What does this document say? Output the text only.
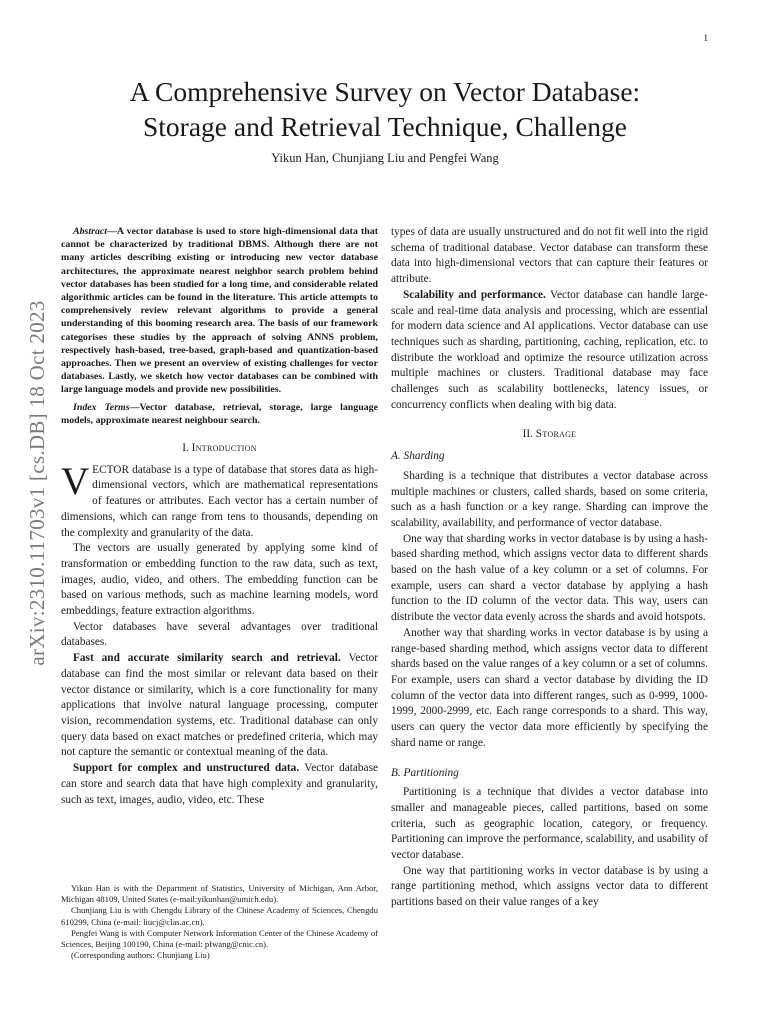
1
arXiv:2310.11703v1 [cs.DB] 18 Oct 2023
A Comprehensive Survey on Vector Database:
Storage and Retrieval Technique, Challenge
Yikun Han, Chunjiang Liu and Pengfei Wang

Abstract—A vector database is used to store high-dimensional data that cannot be characterized by traditional DBMS. Although there are not many articles describing existing or introducing new vector database architectures, the approximate nearest neighbor search problem behind vector databases has been studied for a long time, and considerable related algorithmic articles can be found in the literature. This article attempts to comprehensively review relevant algorithms to provide a general understanding of this booming research area. The basis of our framework categorises these studies by the approach of solving ANNS problem, respectively hash-based, tree-based, graph-based and quantization-based approaches. Then we present an overview of existing challenges for vector databases. Lastly, we sketch how vector databases can be combined with large language models and provide new possibilities.

Index Terms—Vector database, retrieval, storage, large language models, approximate nearest neighbour search.

I. Introduction

VECTOR database is a type of database that stores data as high-dimensional vectors, which are mathematical representations of features or attributes. Each vector has a certain number of dimensions, which can range from tens to thousands, depending on the complexity and granularity of the data.

The vectors are usually generated by applying some kind of transformation or embedding function to the raw data, such as text, images, audio, video, and others. The embedding function can be based on various methods, such as machine learning models, word embeddings, feature extraction algorithms.

Vector databases have several advantages over traditional databases.

Fast and accurate similarity search and retrieval. Vector database can find the most similar or relevant data based on their vector distance or similarity, which is a core functionality for many applications that involve natural language processing, computer vision, recommendation systems, etc. Traditional database can only query data based on exact matches or predefined criteria, which may not capture the semantic or contextual meaning of the data.

Support for complex and unstructured data. Vector database can store and search data that have high complexity and granularity, such as text, images, audio, video, etc. These

Yikun Han is with the Department of Statistics, University of Michigan, Ann Arbor, Michigan 48109, United States (e-mail:yikunhan@umich.edu).

Chunjiang Liu is with Chengdu Library of the Chinese Academy of Sciences, Chengdu 610299, China (e-mail: liucj@clas.ac.cn).

Pengfei Wang is with Computer Network Information Center of the Chinese Academy of Sciences, Beijing 100190, China (e-mail: pfwang@cnic.cn).

(Corresponding authors: Chunjiang Liu)

types of data are usually unstructured and do not fit well into the rigid schema of traditional database. Vector database can transform these data into high-dimensional vectors that can capture their features or attribute.

Scalability and performance. Vector database can handle large-scale and real-time data analysis and processing, which are essential for modern data science and AI applications. Vector database can use techniques such as sharding, partitioning, caching, replication, etc. to distribute the workload and optimize the resource utilization across multiple machines or clusters. Traditional database may face challenges such as scalability bottlenecks, latency issues, or concurrency conflicts when dealing with big data.

II. Storage
A. Sharding

Sharding is a technique that distributes a vector database across multiple machines or clusters, called shards, based on some criteria, such as a hash function or a key range. Sharding can improve the scalability, availability, and performance of vector database.

One way that sharding works in vector database is by using a hash-based sharding method, which assigns vector data to different shards based on the hash value of a key column or a set of columns. For example, users can shard a vector database by applying a hash function to the ID column of the vector data. This way, users can distribute the vector data evenly across the shards and avoid hotspots.

Another way that sharding works in vector database is by using a range-based sharding method, which assigns vector data to different shards based on the value ranges of a key column or a set of columns. For example, users can shard a vector database by dividing the ID column of the vector data into different ranges, such as 0-999, 1000-1999, 2000-2999, etc. Each range corresponds to a shard. This way, users can query the vector data more efficiently by specifying the shard name or range.

B. Partitioning

Partitioning is a technique that divides a vector database into smaller and manageable pieces, called partitions, based on some criteria, such as geographic location, category, or frequency. Partitioning can improve the performance, scalability, and usability of vector database.

One way that partitioning works in vector database is by using a range partitioning method, which assigns vector data to different partitions based on their value ranges of a key
